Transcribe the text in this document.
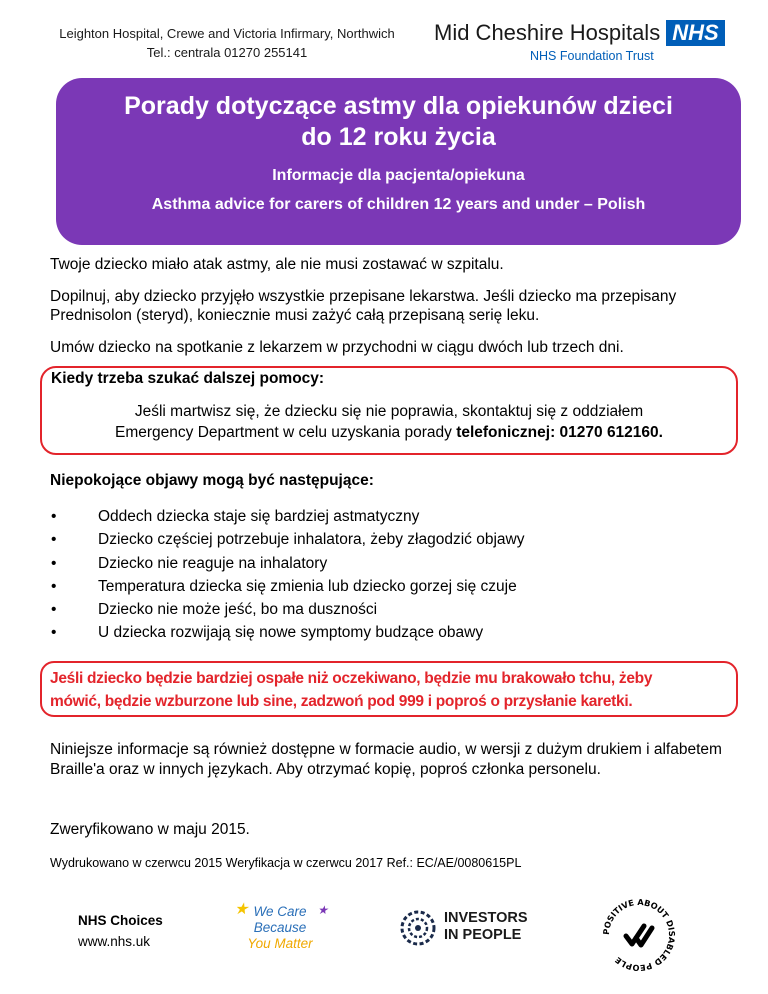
Leighton Hospital, Crewe and Victoria Infirmary, Northwich
Tel.: centrala 01270 255141
Mid Cheshire Hospitals NHS
NHS Foundation Trust
Porady dotyczące astmy dla opiekunów dzieci
do 12 roku życia
Informacje dla pacjenta/opiekuna
Asthma advice for carers of children 12 years and under – Polish

Twoje dziecko miało atak astmy, ale nie musi zostawać w szpitalu.

Dopilnuj, aby dziecko przyjęło wszystkie przepisane lekarstwa. Jeśli dziecko ma przepisany Prednisolon (steryd), koniecznie musi zażyć całą przepisaną serię leku.

Umów dziecko na spotkanie z lekarzem w przychodni w ciągu dwóch lub trzech dni.

Kiedy trzeba szukać dalszej pomocy:
Jeśli martwisz się, że dziecku się nie poprawia, skontaktuj się z oddziałem
Emergency Department w celu uzyskania porady telefonicznej: 01270 612160.
Niepokojące objawy mogą być następujące:
•	Oddech dziecka staje się bardziej astmatyczny
•	Dziecko częściej potrzebuje inhalatora, żeby złagodzić objawy
•	Dziecko nie reaguje na inhalatory
•	Temperatura dziecka się zmienia lub dziecko gorzej się czuje
•	Dziecko nie może jeść, bo ma duszności
•	U dziecka rozwijają się nowe symptomy budzące obawy
Jeśli dziecko będzie bardziej ospałe niż oczekiwano, będzie mu brakowało tchu, żeby
mówić, będzie wzburzone lub sine, zadzwoń pod 999 i poproś o przysłanie karetki.

Niniejsze informacje są również dostępne w formacie audio, w wersji z dużym drukiem i alfabetem Braille'a oraz w innych językach. Aby otrzymać kopię, poproś członka personelu.

Zweryfikowano w maju 2015.

Wydrukowano w czerwcu 2015 Weryfikacja w czerwcu 2017 Ref.: EC/AE/0080615PL
NHS Choices
www.nhs.uk
★	★
We Care
Because
You Matter
INVESTORS
IN PEOPLE	POSITIVE ABOUT DISABLED PEOPLE
